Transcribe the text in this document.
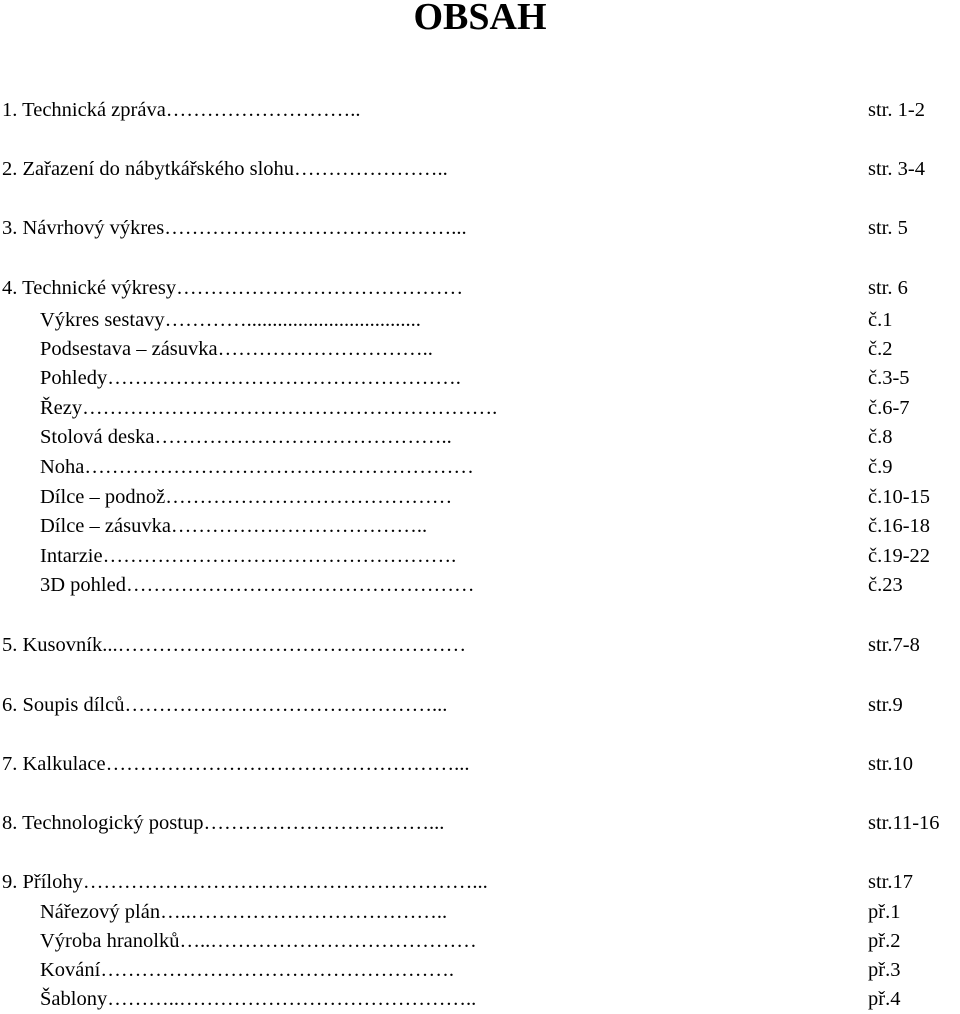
OBSAH
1. Technická zpráva………………………..	str. 1-2
2. Zařazení do nábytkářského slohu…………………..	str. 3-4
3. Návrhový výkres……………………………………...	str. 5
4. Technické výkresy……………………………………	str. 6
Výkres sestavy…………..................................	č.1
Podsestava – zásuvka…………………………..	č.2
Pohledy…………………………………………….	č.3-5
Řezy…………………………………………………….	č.6-7
Stolová deska……………………………………..	č.8
Noha…………………………………………………	č.9
Dílce – podnož……………………………………	č.10-15
Dílce – zásuvka………………………………..	č.16-18
Intarzie…………………………………………….	č.19-22
3D pohled……………………………………………	č.23
5. Kusovník...……………………………………………	str.7-8
6. Soupis dílců………………………………………...	str.9
7. Kalkulace……………………………………………...	str.10
8. Technologický postup……………………………...	str.11-16
9. Přílohy…………………………………………………...	str.17
Nářezový plán…..………………………………..	př.1
Výroba hranolků…..…………………………………	př.2
Kování…………………………………………….	př.3
Šablony………..……………………………………..	př.4
